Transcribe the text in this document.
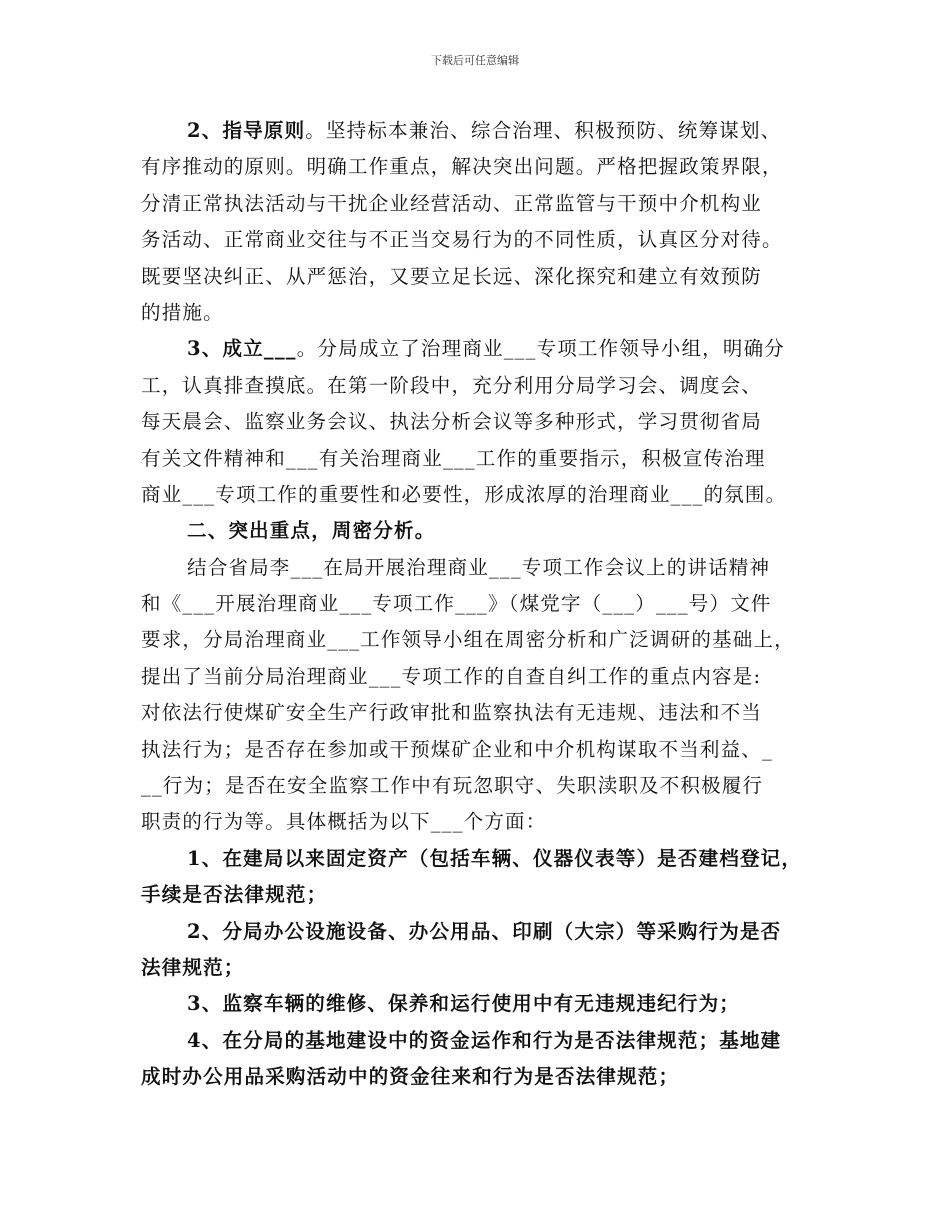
下载后可任意编辑
2、指导原则。坚持标本兼治、综合治理、积极预防、统筹谋划、
有序推动的原则。明确工作重点，解决突出问题。严格把握政策界限，
分清正常执法活动与干扰企业经营活动、正常监管与干预中介机构业
务活动、正常商业交往与不正当交易行为的不同性质，认真区分对待。
既要坚决纠正、从严惩治，又要立足长远、深化探究和建立有效预防
的措施。
3、成立___。分局成立了治理商业___专项工作领导小组，明确分
工，认真排查摸底。在第一阶段中，充分利用分局学习会、调度会、
每天晨会、监察业务会议、执法分析会议等多种形式，学习贯彻省局
有关文件精神和___有关治理商业___工作的重要指示，积极宣传治理
商业___专项工作的重要性和必要性，形成浓厚的治理商业___的氛围。
二、突出重点，周密分析。
结合省局李___在局开展治理商业___专项工作会议上的讲话精神
和《___开展治理商业___专项工作___》（煤党字（___）___号）文件
要求，分局治理商业___工作领导小组在周密分析和广泛调研的基础上，
提出了当前分局治理商业___专项工作的自查自纠工作的重点内容是:
对依法行使煤矿安全生产行政审批和监察执法有无违规、违法和不当
执法行为；是否存在参加或干预煤矿企业和中介机构谋取不当利益、_
__行为；是否在安全监察工作中有玩忽职守、失职渎职及不积极履行
职责的行为等。具体概括为以下___个方面：
1、在建局以来固定资产（包括车辆、仪器仪表等）是否建档登记，
手续是否法律规范；
2、分局办公设施设备、办公用品、印刷（大宗）等采购行为是否
法律规范；
3、监察车辆的维修、保养和运行使用中有无违规违纪行为；
4、在分局的基地建设中的资金运作和行为是否法律规范；基地建
成时办公用品采购活动中的资金往来和行为是否法律规范；
